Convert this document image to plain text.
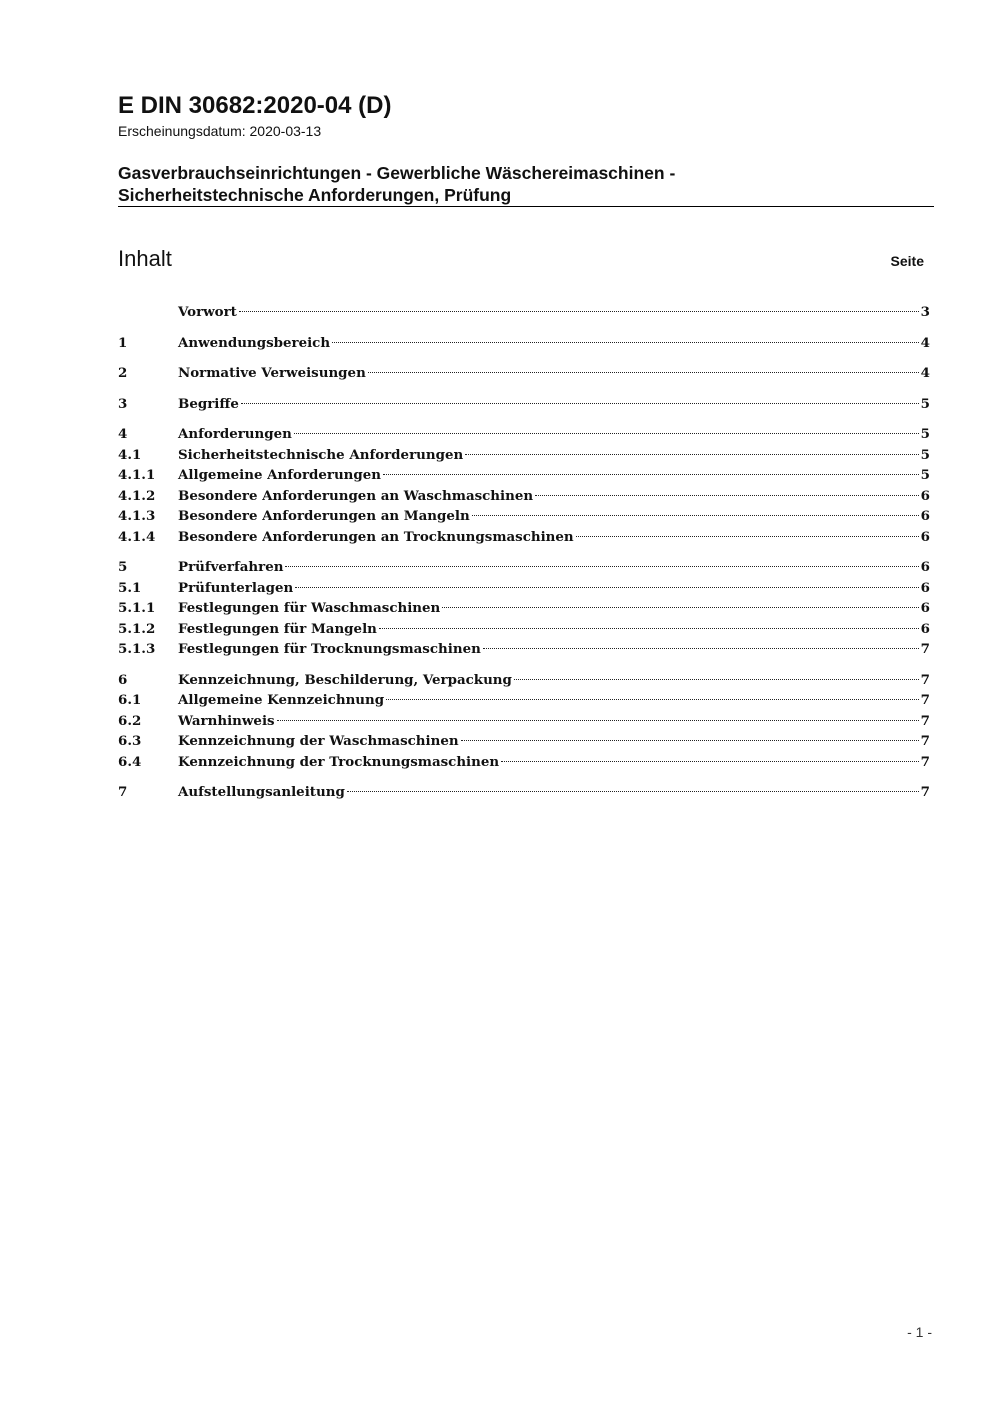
E DIN 30682:2020-04 (D)
Erscheinungsdatum: 2020-03-13
Gasverbrauchseinrichtungen - Gewerbliche Wäschereimaschinen -
Sicherheitstechnische Anforderungen, Prüfung
Inhalt	Seite
Vorwort	3
1	Anwendungsbereich	4
2	Normative Verweisungen	4
3	Begriffe	5
4	Anforderungen	5
4.1	Sicherheitstechnische Anforderungen	5
4.1.1	Allgemeine Anforderungen	5
4.1.2	Besondere Anforderungen an Waschmaschinen	6
4.1.3	Besondere Anforderungen an Mangeln	6
4.1.4	Besondere Anforderungen an Trocknungsmaschinen	6
5	Prüfverfahren	6
5.1	Prüfunterlagen	6
5.1.1	Festlegungen für Waschmaschinen	6
5.1.2	Festlegungen für Mangeln	6
5.1.3	Festlegungen für Trocknungsmaschinen	7
6	Kennzeichnung, Beschilderung, Verpackung	7
6.1	Allgemeine Kennzeichnung	7
6.2	Warnhinweis	7
6.3	Kennzeichnung der Waschmaschinen	7
6.4	Kennzeichnung der Trocknungsmaschinen	7
7	Aufstellungsanleitung	7
- 1 -
